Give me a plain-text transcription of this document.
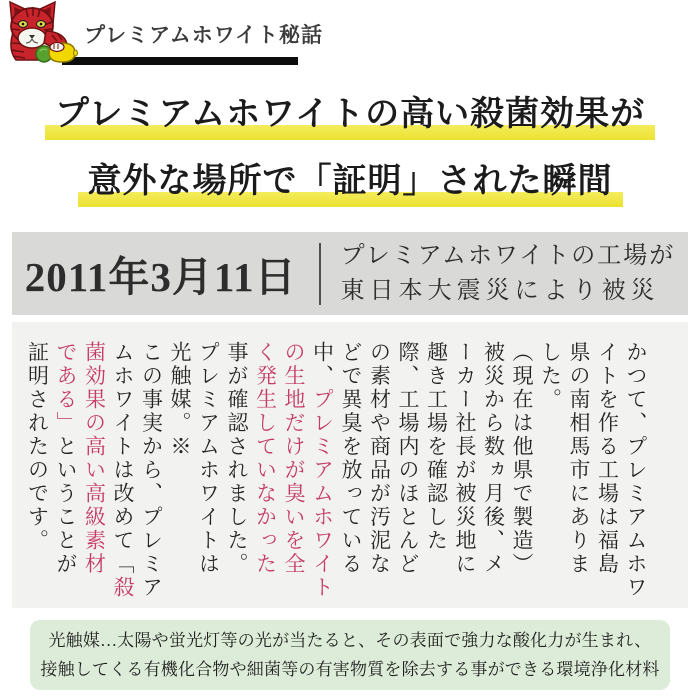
プレミアムホワイト秘話
プレミアムホワイトの高い殺菌効果が
意外な場所で「証明」された瞬間
2011年3月11日 プレミアムホワイトの工場が
東日本大震災により被災

かつて、プレミアムホワ

イトを作る工場は福島

県の南相馬市にありま

した。

（現在は他県で製造）

被災から数ヵ月後、メ

ーカー社長が被災地に

趣き工場を確認した

際、工場内のほとんど

の素材や商品が汚泥な

どで異臭を放っている

中、プレミアムホワイト

の生地だけが臭いを全

く発生していなかった

事が確認されました。

プレミアムホワイトは

光触媒。※

この事実から、プレミア

ムホワイトは改めて「殺

菌効果の高い高級素材

である」ということが

証明されたのです。

光触媒…太陽や蛍光灯等の光が当たると、その表面で強力な酸化力が生まれ、
接触してくる有機化合物や細菌等の有害物質を除去する事ができる環境浄化材料
